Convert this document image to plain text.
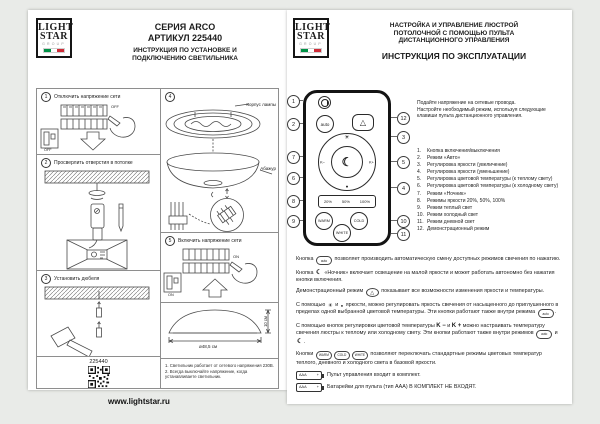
LIGHT
STAR
GROUP
СЕРИЯ ARCO
АРТИКУЛ 225440
ИНСТРУКЦИЯ ПО УСТАНОВКЕ И
ПОДКЛЮЧЕНИЮ СВЕТИЛЬНИКА
1	Отключить напряжение сети
OFF
OFF
2	Просверлить отверстия в потолке
3	Установить дюбеля
225440
4
Корпус лампы
Абажур
5	Включить напряжение сети
ON
ON
ø48,5 см
10 см
1. Светильник работает от сетевого напряжения 230В.
2. Всегда выключайте напряжение, когда устанавливаете светильник.
LIGHT
STAR
GROUP
НАСТРОЙКА И УПРАВЛЕНИЕ ЛЮСТРОЙ
ПОТОЛОЧНОЙ С ПОМОЩЬЮ ПУЛЬТА
ДИСТАНЦИОННОГО УПРАВЛЕНИЯ
ИНСТРУКЦИЯ ПО ЭКСПЛУАТАЦИИ
auto	△
☀
☾
K−	K+
●
20% 50% 100%
WARM	COLD
WHITE
1
2
7
6
8
9
12
3
5
4
10
11
Подайте напряжение на сетевые провода.
Настройте необходимый режим, используя следующие
клавиши пульта дистанционного управления.
1.	Кнопка включения/выключения
2.	Режим «Авто»
3.	Регулировка яркости (увеличение)
4.	Регулировка яркости (уменьшение)
5.	Регулировка цветовой температуры (к теплому свету)
6.	Регулировка цветовой температуры (к холодному свету)
7.	Режим «Ночник»
8.	Режимы яркости 20%, 50%, 100%
9.	Режим теплый свет
10. Режим холодный свет
11. Режим дневной свет
12. Демонстрационный режим

Кнопка auto позволяет производить автоматическую смену доступных режимов свечения по нажатию.

Кнопка ☾ «Ночник» включает освещение на малой яркости и может работать автономно без нажатия кнопки включения.

Демонстрационный режим △ показывает все возможности изменения яркости и температуры.

С помощью ☀ и ● яркости, можно регулировать яркость свечения от насыщенного до приглушенного в пределах одной выбранной цветовой температуры. Эти кнопки работают также внутри режима auto .

С помощью кнопок регулировки цветовой температуры K − и K + можно настраивать температуру свечения люстры к теплому или холодному свету. Эти кнопки работают также внутри режимов auto и ☾.

Кнопки WARM	COLD	WHITE позволяют переключать стандартные режимы цветовых температур теплого, дневного и холодного света в базовой яркости.

AAA	+ Пульт управления входит в комплект.
AAA	+ Батарейки для пульта (тип ААА) В КОМПЛЕКТ НЕ ВХОДЯТ.
www.lightstar.ru
